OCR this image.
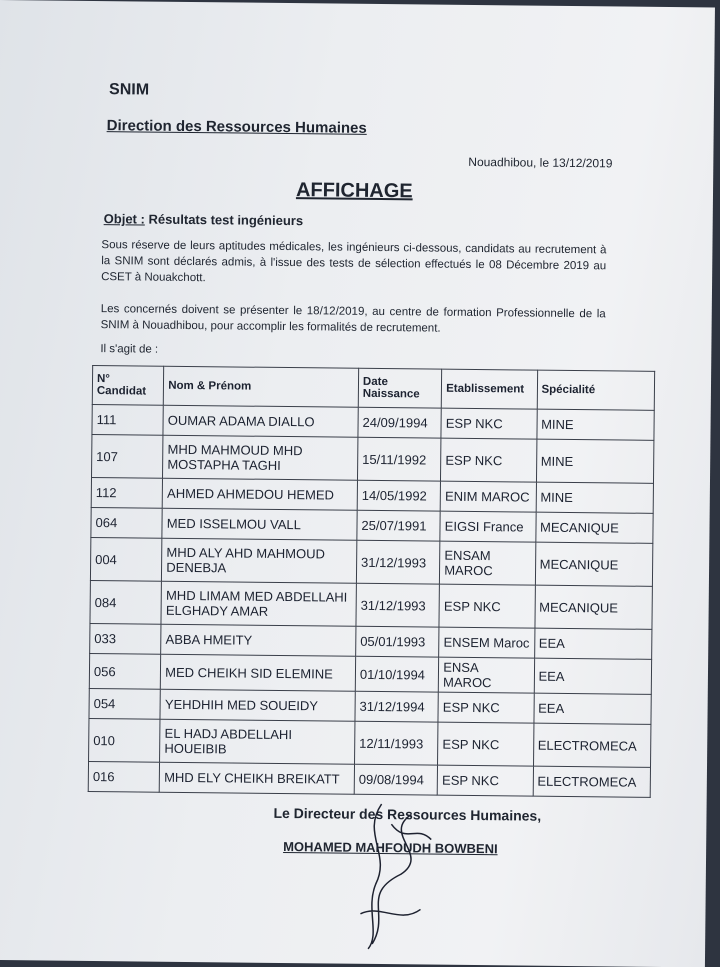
SNIM
Direction des Ressources Humaines
Nouadhibou, le 13/12/2019
AFFICHAGE
Objet : Résultats test ingénieurs
Sous réserve de leurs aptitudes médicales, les ingénieurs ci-dessous, candidats au recrutement à la SNIM sont déclarés admis, à l'issue des tests de sélection effectués le 08 Décembre 2019 au CSET à Nouakchott.
Les concernés doivent se présenter le 18/12/2019, au centre de formation Professionnelle de la SNIM à Nouadhibou, pour accomplir les formalités de recrutement.
Il s'agit de :
N° Candidat	Nom & Prénom	Date Naissance	Etablissement	Spécialité
111	OUMAR ADAMA DIALLO	24/09/1994	ESP NKC	MINE
107	MHD MAHMOUD MHD MOSTAPHA TAGHI	15/11/1992	ESP NKC	MINE
112	AHMED AHMEDOU HEMED	14/05/1992	ENIM MAROC	MINE
064	MED ISSELMOU VALL	25/07/1991	EIGSI France	MECANIQUE
004	MHD ALY AHD MAHMOUD DENEBJA	31/12/1993	ENSAM MAROC	MECANIQUE
084	MHD LIMAM MED ABDELLAHI ELGHADY AMAR	31/12/1993	ESP NKC	MECANIQUE
033	ABBA HMEITY	05/01/1993	ENSEM Maroc	EEA
056	MED CHEIKH SID ELEMINE	01/10/1994	ENSA MAROC	EEA
054	YEHDHIH MED SOUEIDY	31/12/1994	ESP NKC	EEA
010	EL HADJ ABDELLAHI HOUEIBIB	12/11/1993	ESP NKC	ELECTROMECA
016	MHD ELY CHEIKH BREIKATT	09/08/1994	ESP NKC	ELECTROMECA
Le Directeur des Ressources Humaines,
MOHAMED MAHFOUDH BOWBENI
